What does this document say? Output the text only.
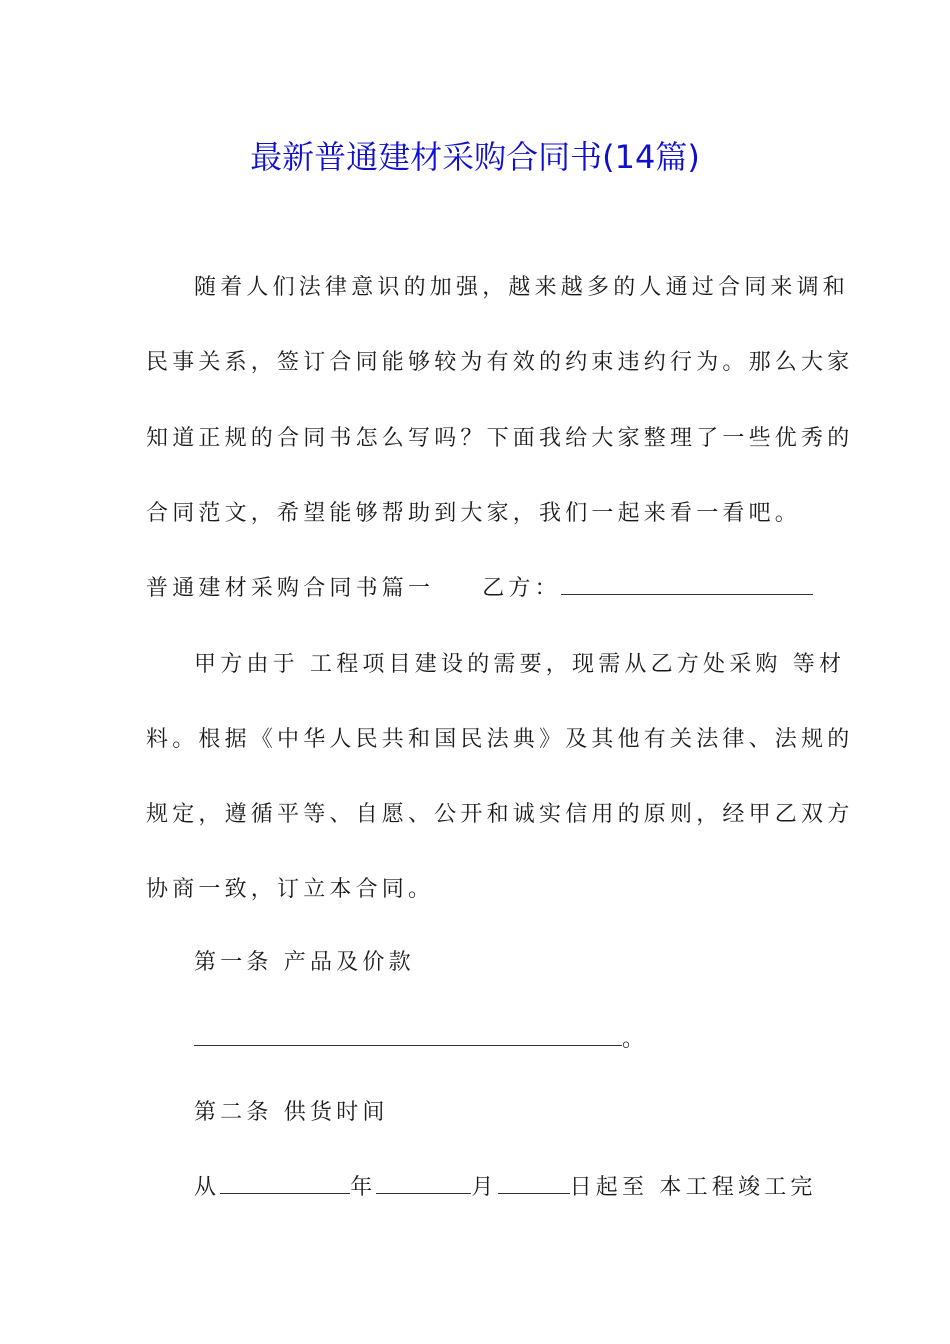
最新普通建材采购合同书(14篇)
随着人们法律意识的加强，越来越多的人通过合同来调和
民事关系，签订合同能够较为有效的约束违约行为。那么大家
知道正规的合同书怎么写吗？下面我给大家整理了一些优秀的
合同范文，希望能够帮助到大家，我们一起来看一看吧。
普通建材采购合同书篇一 乙方：
甲方由于 工程项目建设的需要，现需从乙方处采购 等材
料。根据《中华人民共和国民法典》及其他有关法律、法规的
规定，遵循平等、自愿、公开和诚实信用的原则，经甲乙双方
协商一致，订立本合同。
第一条 产品及价款
。
第二条 供货时间
从	年	月	日起至 本工程竣工完
